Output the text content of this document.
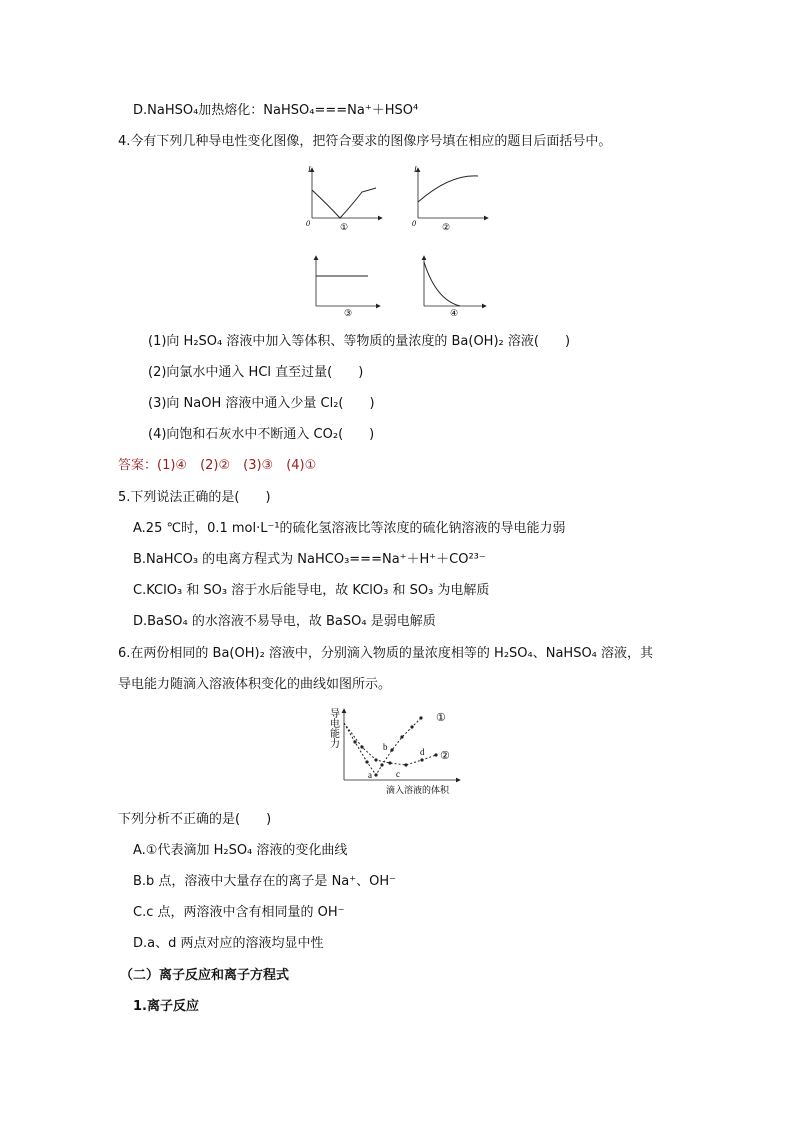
D.NaHSO₄加热熔化：NaHSO₄===Na⁺＋HSO⁴
4.今有下列几种导电性变化图像，把符合要求的图像序号填在相应的题目后面括号中。
I
0	①
I
0	②
③	④
(1)向 H₂SO₄ 溶液中加入等体积、等物质的量浓度的 Ba(OH)₂ 溶液(　　)
(2)向氯水中通入 HCl 直至过量(　　)
(3)向 NaOH 溶液中通入少量 Cl₂(　　)
(4)向饱和石灰水中不断通入 CO₂(　　)
答案：(1)④　(2)②　(3)③　(4)①
5.下列说法正确的是(　　)
A.25 ℃时，0.1 mol·L⁻¹的硫化氢溶液比等浓度的硫化钠溶液的导电能力弱
B.NaHCO₃ 的电离方程式为 NaHCO₃===Na⁺＋H⁺＋CO²³⁻
C.KClO₃ 和 SO₃ 溶于水后能导电，故 KClO₃ 和 SO₃ 为电解质
D.BaSO₄ 的水溶液不易导电，故 BaSO₄ 是弱电解质
6.在两份相同的 Ba(OH)₂ 溶液中，分别滴入物质的量浓度相等的 H₂SO₄、NaHSO₄ 溶液，其
导电能力随滴入溶液体积变化的曲线如图所示。
导
电
能
力
①
②
a
b
c
d
滴入溶液的体积
下列分析不正确的是(　　)
A.①代表滴加 H₂SO₄ 溶液的变化曲线
B.b 点，溶液中大量存在的离子是 Na⁺、OH⁻
C.c 点，两溶液中含有相同量的 OH⁻
D.a、d 两点对应的溶液均显中性
（二）离子反应和离子方程式
1.离子反应
